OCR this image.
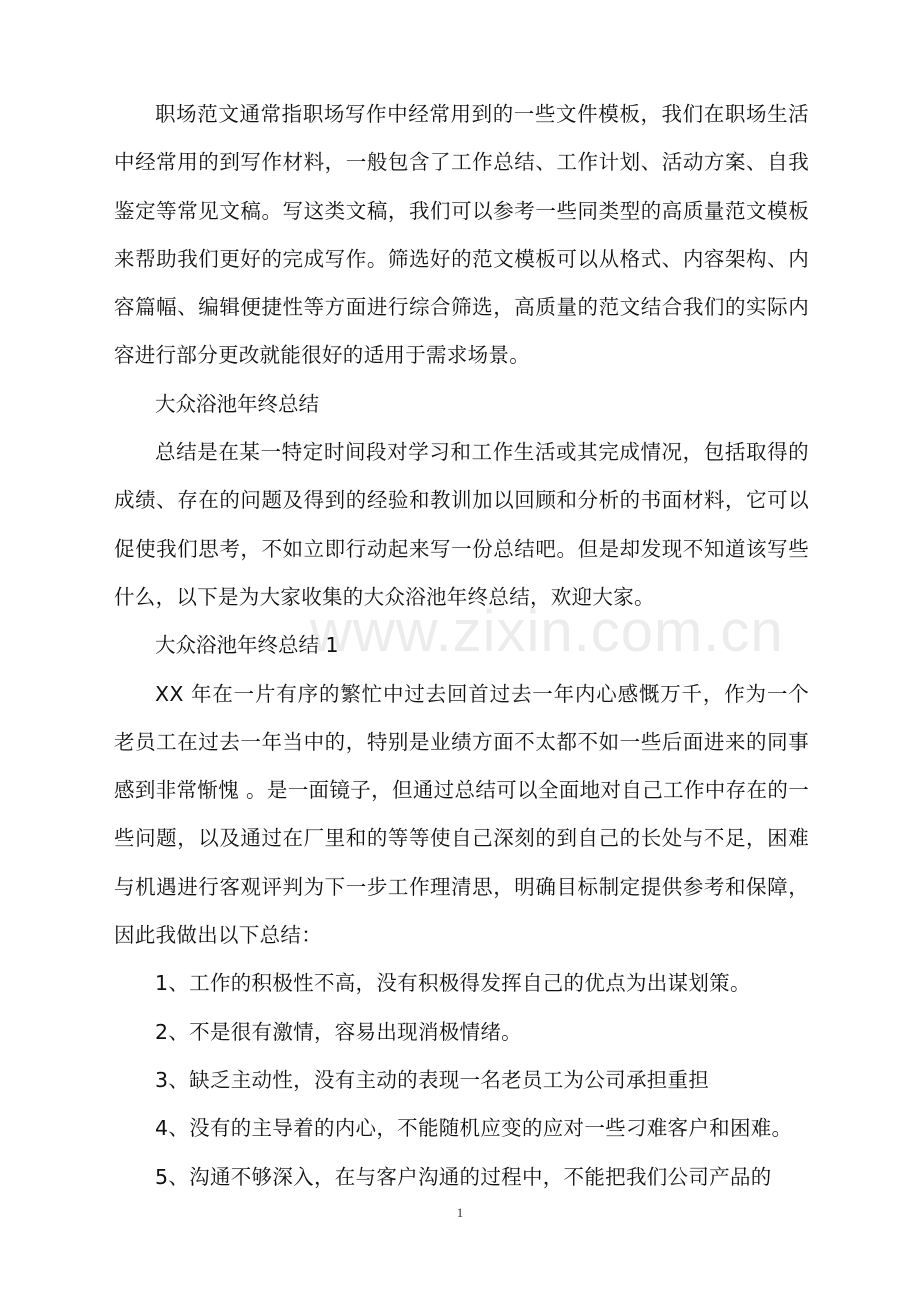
职场范文通常指职场写作中经常用到的一些文件模板，我们在职场生活中经常用的到写作材料，一般包含了工作总结、工作计划、活动方案、自我鉴定等常见文稿。写这类文稿，我们可以参考一些同类型的高质量范文模板来帮助我们更好的完成写作。筛选好的范文模板可以从格式、内容架构、内容篇幅、编辑便捷性等方面进行综合筛选，高质量的范文结合我们的实际内容进行部分更改就能很好的适用于需求场景。

大众浴池年终总结

总结是在某一特定时间段对学习和工作生活或其完成情况，包括取得的成绩、存在的问题及得到的经验和教训加以回顾和分析的书面材料，它可以促使我们思考，不如立即行动起来写一份总结吧。但是却发现不知道该写些什么，以下是为大家收集的大众浴池年终总结，欢迎大家。

大众浴池年终总结 1

XX 年在一片有序的繁忙中过去回首过去一年内心感慨万千，作为一个老员工在过去一年当中的，特别是业绩方面不太都不如一些后面进来的同事感到非常惭愧 。是一面镜子，但通过总结可以全面地对自己工作中存在的一些问题，以及通过在厂里和的等等使自己深刻的到自己的长处与不足，困难与机遇进行客观评判为下一步工作理清思，明确目标制定提供参考和保障，因此我做出以下总结：

1、工作的积极性不高，没有积极得发挥自己的优点为出谋划策。

2、不是很有激情，容易出现消极情绪。

3、缺乏主动性，没有主动的表现一名老员工为公司承担重担

4、没有的主导着的内心，不能随机应变的应对一些刁难客户和困难。

5、沟通不够深入，在与客户沟通的过程中，不能把我们公司产品的

www.zixin.com.cn
1
